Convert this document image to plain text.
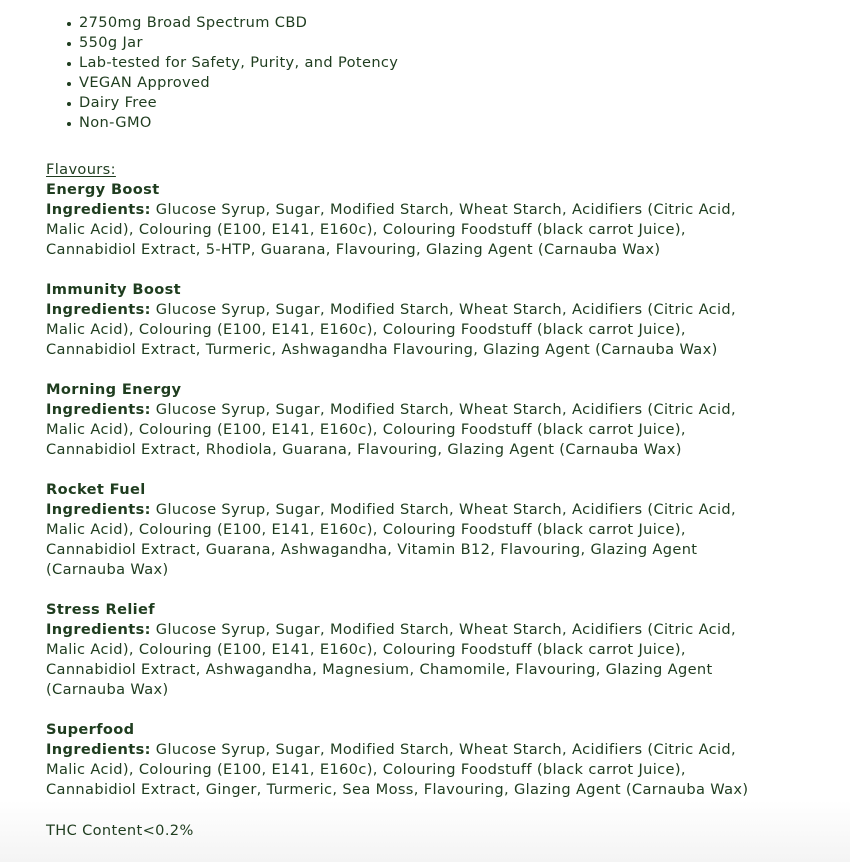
2750mg Broad Spectrum CBD
550g Jar
Lab-tested for Safety, Purity, and Potency
VEGAN Approved
Dairy Free
Non-GMO
Flavours:
Energy Boost
Ingredients: Glucose Syrup, Sugar, Modified Starch, Wheat Starch, Acidifiers (Citric Acid,
Malic Acid), Colouring (E100, E141, E160c), Colouring Foodstuff (black carrot Juice),
Cannabidiol Extract, 5-HTP, Guarana, Flavouring, Glazing Agent (Carnauba Wax)
Immunity Boost
Ingredients: Glucose Syrup, Sugar, Modified Starch, Wheat Starch, Acidifiers (Citric Acid,
Malic Acid), Colouring (E100, E141, E160c), Colouring Foodstuff (black carrot Juice),
Cannabidiol Extract, Turmeric, Ashwagandha Flavouring, Glazing Agent (Carnauba Wax)
Morning Energy
Ingredients: Glucose Syrup, Sugar, Modified Starch, Wheat Starch, Acidifiers (Citric Acid,
Malic Acid), Colouring (E100, E141, E160c), Colouring Foodstuff (black carrot Juice),
Cannabidiol Extract, Rhodiola, Guarana, Flavouring, Glazing Agent (Carnauba Wax)
Rocket Fuel
Ingredients: Glucose Syrup, Sugar, Modified Starch, Wheat Starch, Acidifiers (Citric Acid,
Malic Acid), Colouring (E100, E141, E160c), Colouring Foodstuff (black carrot Juice),
Cannabidiol Extract, Guarana, Ashwagandha, Vitamin B12, Flavouring, Glazing Agent
(Carnauba Wax)
Stress Relief
Ingredients: Glucose Syrup, Sugar, Modified Starch, Wheat Starch, Acidifiers (Citric Acid,
Malic Acid), Colouring (E100, E141, E160c), Colouring Foodstuff (black carrot Juice),
Cannabidiol Extract, Ashwagandha, Magnesium, Chamomile, Flavouring, Glazing Agent
(Carnauba Wax)
Superfood
Ingredients: Glucose Syrup, Sugar, Modified Starch, Wheat Starch, Acidifiers (Citric Acid,
Malic Acid), Colouring (E100, E141, E160c), Colouring Foodstuff (black carrot Juice),
Cannabidiol Extract, Ginger, Turmeric, Sea Moss, Flavouring, Glazing Agent (Carnauba Wax)
THC Content<0.2%
